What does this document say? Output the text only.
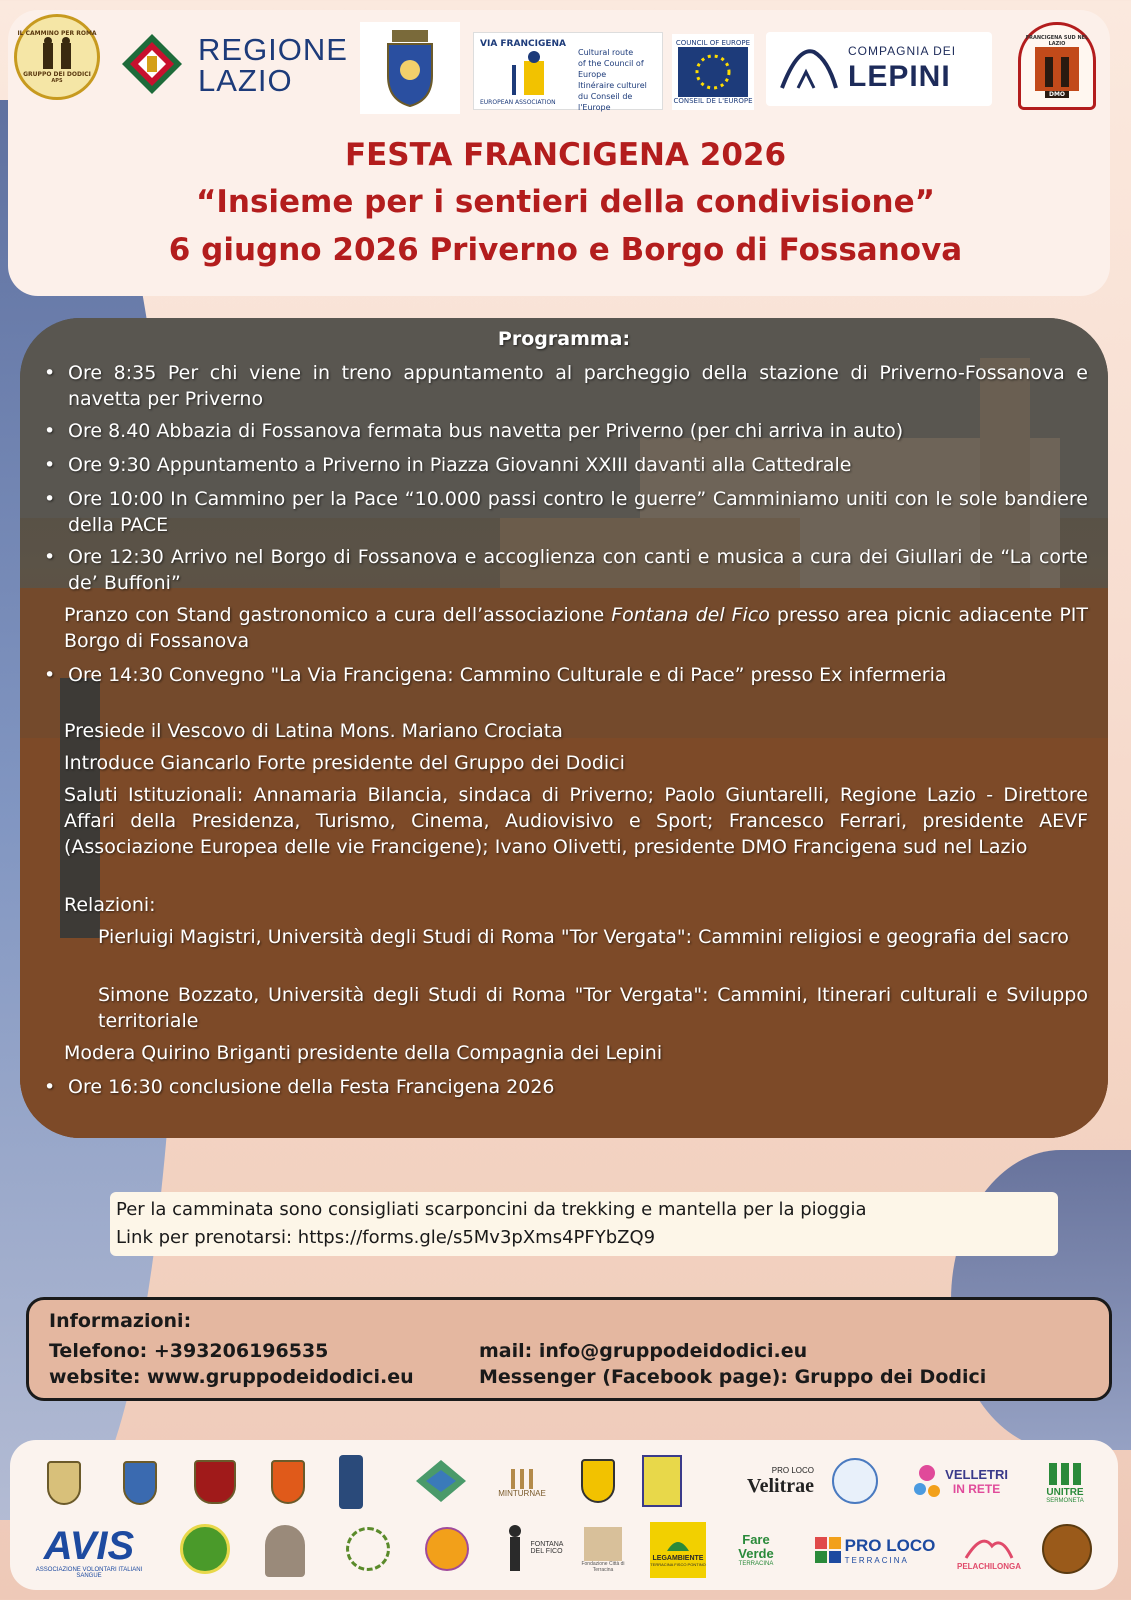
IL CAMMINO PER ROMA
GRUPPO DEI DODICI
APS
REGIONE
LAZIO
VIA FRANCIGENA
EUROPEAN ASSOCIATION
Cultural route
of the Council of Europe
Itinéraire culturel
du Conseil de l'Europe
COUNCIL OF EUROPE
CONSEIL DE L'EUROPE
COMPAGNIA DEI
LEPINI
FRANCIGENA SUD NEL LAZIO
DMO
FESTA FRANCIGENA 2026
“Insieme per i sentieri della condivisione”
6 giugno 2026 Priverno e Borgo di Fossanova
Programma:
• Ore 8:35 Per chi viene in treno appuntamento al parcheggio della stazione di Priverno-Fossanova e navetta per Priverno
• Ore 8.40 Abbazia di Fossanova fermata bus navetta per Priverno (per chi arriva in auto)
• Ore 9:30 Appuntamento a Priverno in Piazza Giovanni XXIII davanti alla Cattedrale
• Ore 10:00 In Cammino per la Pace “10.000 passi contro le guerre” Camminiamo uniti con le sole bandiere della PACE
• Ore 12:30 Arrivo nel Borgo di Fossanova e accoglienza con canti e musica a cura dei Giullari de “La corte de’ Buffoni”
Pranzo con Stand gastronomico a cura dell’associazione Fontana del Fico presso area picnic adiacente PIT Borgo di Fossanova
• Ore 14:30 Convegno "La Via Francigena: Cammino Culturale e di Pace” presso Ex infermeria
Presiede il Vescovo di Latina Mons. Mariano Crociata
Introduce Giancarlo Forte presidente del Gruppo dei Dodici
Saluti Istituzionali: Annamaria Bilancia, sindaca di Priverno; Paolo Giuntarelli, Regione Lazio - Direttore Affari della Presidenza, Turismo, Cinema, Audiovisivo e Sport; Francesco Ferrari, presidente AEVF (Associazione Europea delle vie Francigene); Ivano Olivetti, presidente DMO Francigena sud nel Lazio
Relazioni:
Pierluigi Magistri, Università degli Studi di Roma "Tor Vergata": Cammini religiosi e geografia del sacro
Simone Bozzato, Università degli Studi di Roma "Tor Vergata": Cammini, Itinerari culturali e Sviluppo territoriale
Modera Quirino Briganti presidente della Compagnia dei Lepini
• Ore 16:30 conclusione della Festa Francigena 2026
Per la camminata sono consigliati scarponcini da trekking e mantella per la pioggia
Link per prenotarsi: https://forms.gle/s5Mv3pXms4PFYbZQ9
Informazioni:
Telefono: +393206196535
website: www.gruppodeidodici.eu
mail: info@gruppodeidodici.eu
Messenger (Facebook page): Gruppo dei Dodici
MINTURNAE
PRO LOCO
Velitrae
VELLETRI
IN RETE	UNITRE
SERMONETA
AVIS
ASSOCIAZIONE VOLONTARI ITALIANI SANGUE
FONTANA DEL FICO
Fondazione Città di Terracina
LEGAMBIENTE
TERRACINA FISCO PONTINO
Fare Verde
TERRACINA
PRO LOCO
TERRACINA
PELACHILONGA
